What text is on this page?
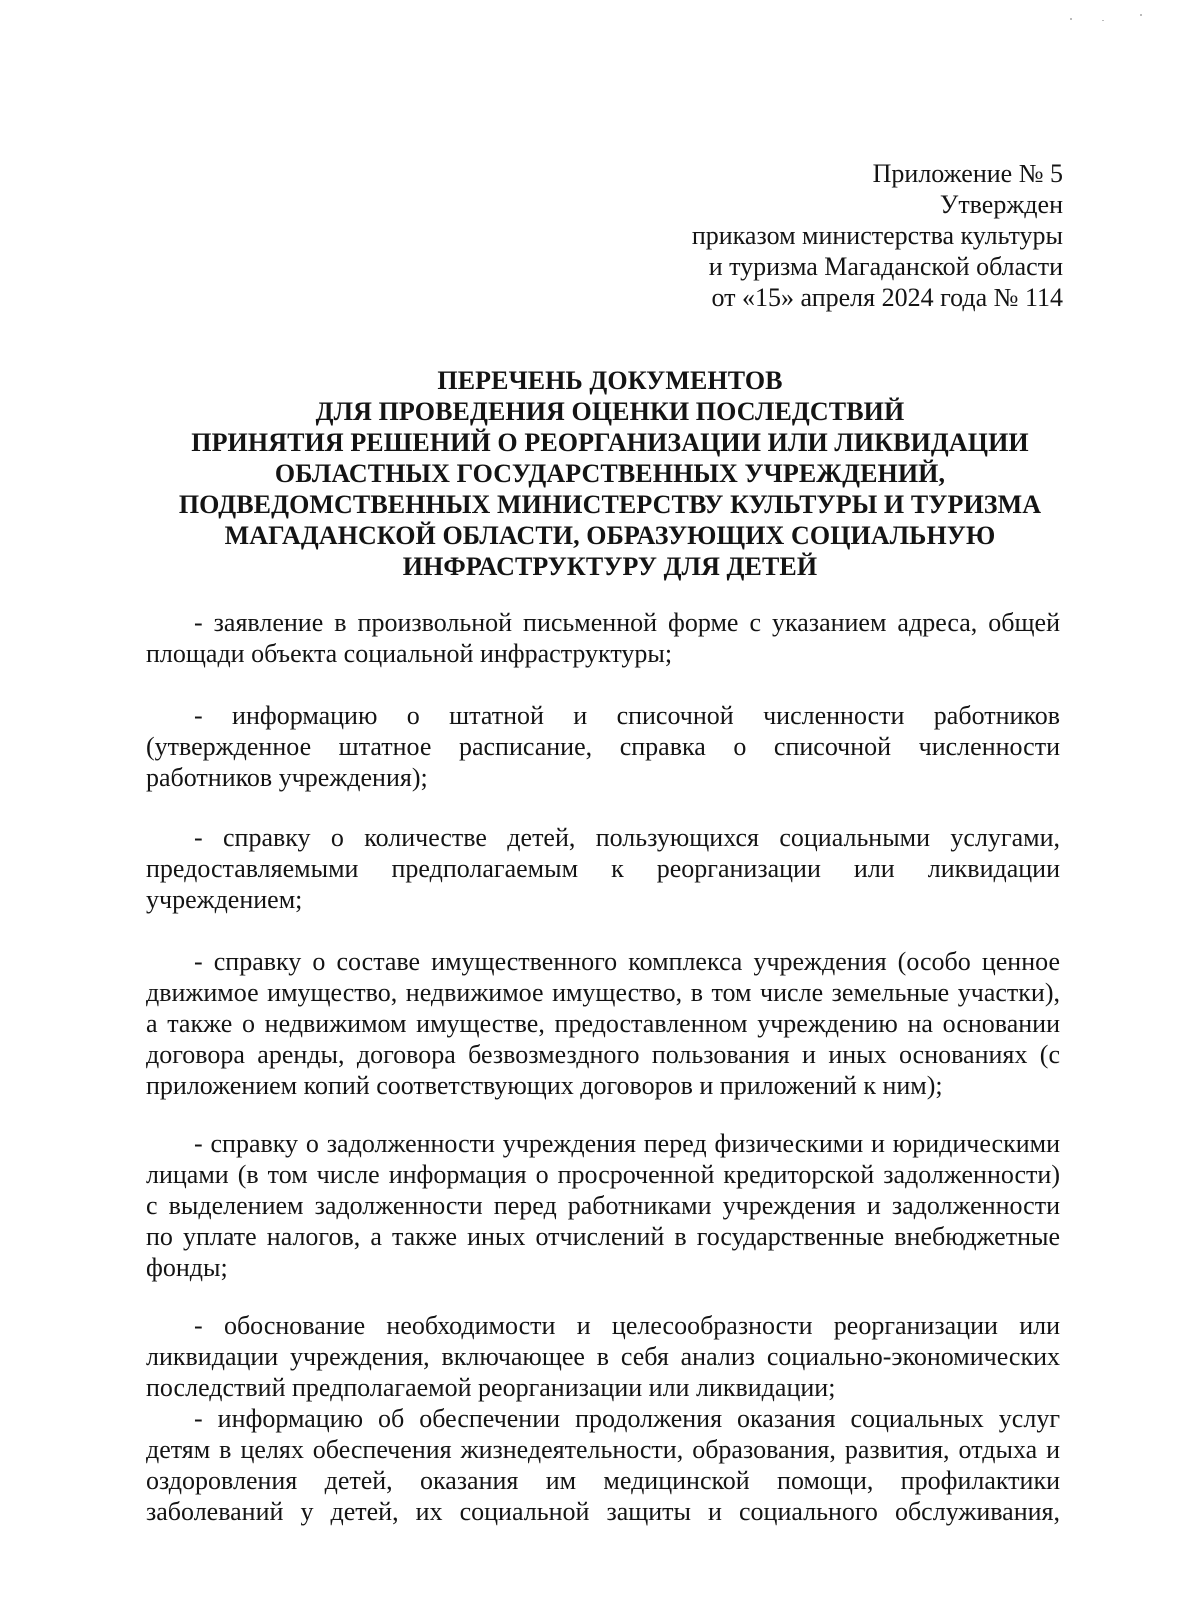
Приложение № 5
Утвержден
приказом министерства культуры
и туризма Магаданской области
от «15» апреля 2024 года № 114
ПЕРЕЧЕНЬ ДОКУМЕНТОВ
ДЛЯ ПРОВЕДЕНИЯ ОЦЕНКИ ПОСЛЕДСТВИЙ
ПРИНЯТИЯ РЕШЕНИЙ О РЕОРГАНИЗАЦИИ ИЛИ ЛИКВИДАЦИИ
ОБЛАСТНЫХ ГОСУДАРСТВЕННЫХ УЧРЕЖДЕНИЙ,
ПОДВЕДОМСТВЕННЫХ МИНИСТЕРСТВУ КУЛЬТУРЫ И ТУРИЗМА
МАГАДАНСКОЙ ОБЛАСТИ, ОБРАЗУЮЩИХ СОЦИАЛЬНУЮ
ИНФРАСТРУКТУРУ ДЛЯ ДЕТЕЙ
- заявление в произвольной письменной форме с указанием адреса, общей
площади объекта социальной инфраструктуры;
- информацию о штатной и списочной численности работников
(утвержденное штатное расписание, справка о списочной численности
работников учреждения);
- справку о количестве детей, пользующихся социальными услугами,
предоставляемыми предполагаемым к реорганизации или ликвидации
учреждением;
- справку о составе имущественного комплекса учреждения (особо ценное
движимое имущество, недвижимое имущество, в том числе земельные участки),
а также о недвижимом имуществе, предоставленном учреждению на основании
договора аренды, договора безвозмездного пользования и иных основаниях (с
приложением копий соответствующих договоров и приложений к ним);
- справку о задолженности учреждения перед физическими и юридическими
лицами (в том числе информация о просроченной кредиторской задолженности)
с выделением задолженности перед работниками учреждения и задолженности
по уплате налогов, а также иных отчислений в государственные внебюджетные
фонды;
- обоснование необходимости и целесообразности реорганизации или
ликвидации учреждения, включающее в себя анализ социально-экономических
последствий предполагаемой реорганизации или ликвидации;
- информацию об обеспечении продолжения оказания социальных услуг
детям в целях обеспечения жизнедеятельности, образования, развития, отдыха и
оздоровления детей, оказания им медицинской помощи, профилактики
заболеваний у детей, их социальной защиты и социального обслуживания,
